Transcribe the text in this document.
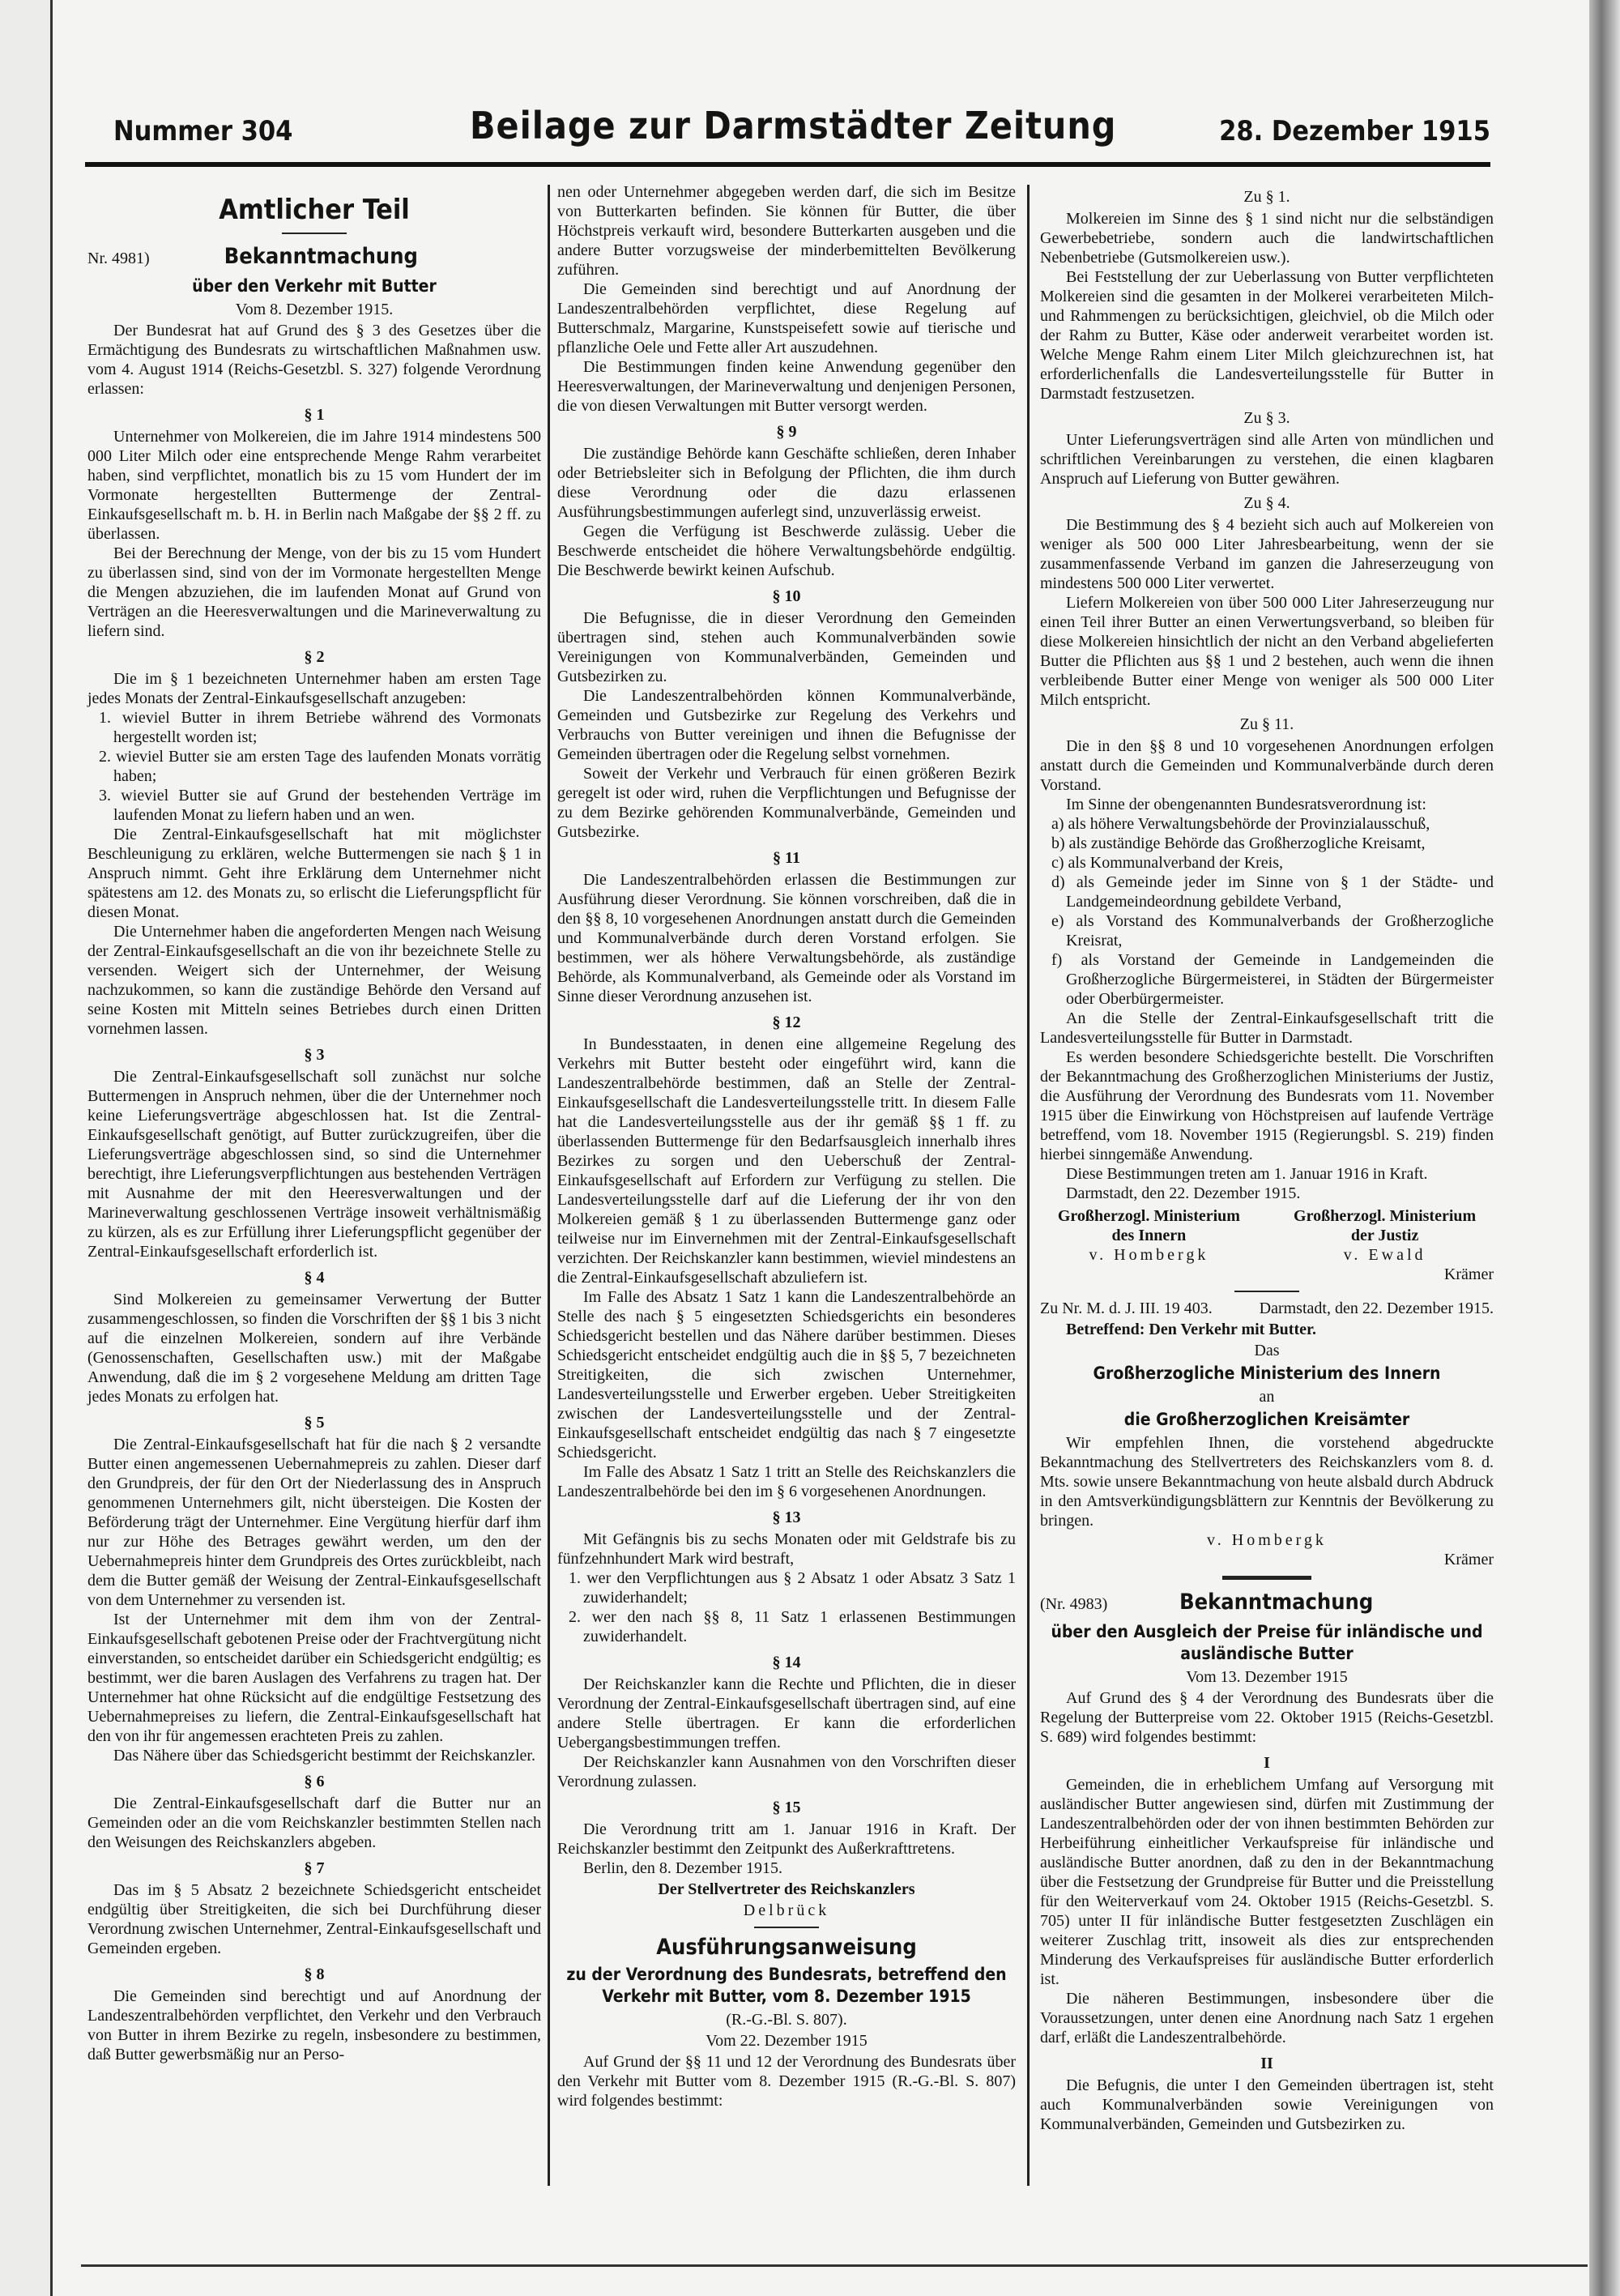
Nummer 304	Beilage zur Darmstädter Zeitung	28. Dezember 1915

Amtlicher Teil

Nr. 4981)	Bekanntmachung

über den Verkehr mit Butter

Vom 8. Dezember 1915.

Der Bundesrat hat auf Grund des § 3 des Gesetzes über die Ermächtigung des Bundesrats zu wirtschaftlichen Maßnahmen usw. vom 4. August 1914 (Reichs-Gesetzbl. S. 327) folgende Verordnung erlassen:

§ 1

Unternehmer von Molkereien, die im Jahre 1914 mindestens 500 000 Liter Milch oder eine entsprechende Menge Rahm verarbeitet haben, sind verpflichtet, monatlich bis zu 15 vom Hundert der im Vormonate hergestellten Buttermenge der Zentral-Einkaufsgesellschaft m. b. H. in Berlin nach Maßgabe der §§ 2 ff. zu überlassen.

Bei der Berechnung der Menge, von der bis zu 15 vom Hundert zu überlassen sind, sind von der im Vormonate hergestellten Menge die Mengen abzuziehen, die im laufenden Monat auf Grund von Verträgen an die Heeresverwaltungen und die Marineverwaltung zu liefern sind.

§ 2

Die im § 1 bezeichneten Unternehmer haben am ersten Tage jedes Monats der Zentral-Einkaufsgesellschaft anzugeben:

1. wieviel Butter in ihrem Betriebe während des Vormonats hergestellt worden ist;

2. wieviel Butter sie am ersten Tage des laufenden Monats vorrätig haben;

3. wieviel Butter sie auf Grund der bestehenden Verträge im laufenden Monat zu liefern haben und an wen.

Die Zentral-Einkaufsgesellschaft hat mit möglichster Beschleunigung zu erklären, welche Buttermengen sie nach § 1 in Anspruch nimmt. Geht ihre Erklärung dem Unternehmer nicht spätestens am 12. des Monats zu, so erlischt die Lieferungspflicht für diesen Monat.

Die Unternehmer haben die angeforderten Mengen nach Weisung der Zentral-Einkaufsgesellschaft an die von ihr bezeichnete Stelle zu versenden. Weigert sich der Unternehmer, der Weisung nachzukommen, so kann die zuständige Behörde den Versand auf seine Kosten mit Mitteln seines Betriebes durch einen Dritten vornehmen lassen.

§ 3

Die Zentral-Einkaufsgesellschaft soll zunächst nur solche Buttermengen in Anspruch nehmen, über die der Unternehmer noch keine Lieferungsverträge abgeschlossen hat. Ist die Zentral-Einkaufsgesellschaft genötigt, auf Butter zurückzugreifen, über die Lieferungsverträge abgeschlossen sind, so sind die Unternehmer berechtigt, ihre Lieferungsverpflichtungen aus bestehenden Verträgen mit Ausnahme der mit den Heeresverwaltungen und der Marineverwaltung geschlossenen Verträge insoweit verhältnismäßig zu kürzen, als es zur Erfüllung ihrer Lieferungspflicht gegenüber der Zentral-Einkaufsgesellschaft erforderlich ist.

§ 4

Sind Molkereien zu gemeinsamer Verwertung der Butter zusammengeschlossen, so finden die Vorschriften der §§ 1 bis 3 nicht auf die einzelnen Molkereien, sondern auf ihre Verbände (Genossenschaften, Gesellschaften usw.) mit der Maßgabe Anwendung, daß die im § 2 vorgesehene Meldung am dritten Tage jedes Monats zu erfolgen hat.

§ 5

Die Zentral-Einkaufsgesellschaft hat für die nach § 2 versandte Butter einen angemessenen Uebernahmepreis zu zahlen. Dieser darf den Grundpreis, der für den Ort der Niederlassung des in Anspruch genommenen Unternehmers gilt, nicht übersteigen. Die Kosten der Beförderung trägt der Unternehmer. Eine Vergütung hierfür darf ihm nur zur Höhe des Betrages gewährt werden, um den der Uebernahmepreis hinter dem Grundpreis des Ortes zurückbleibt, nach dem die Butter gemäß der Weisung der Zentral-Einkaufsgesellschaft von dem Unternehmer zu versenden ist.

Ist der Unternehmer mit dem ihm von der Zentral-Einkaufsgesellschaft gebotenen Preise oder der Frachtvergütung nicht einverstanden, so entscheidet darüber ein Schiedsgericht endgültig; es bestimmt, wer die baren Auslagen des Verfahrens zu tragen hat. Der Unternehmer hat ohne Rücksicht auf die endgültige Festsetzung des Uebernahmepreises zu liefern, die Zentral-Einkaufsgesellschaft hat den von ihr für angemessen erachteten Preis zu zahlen.

Das Nähere über das Schiedsgericht bestimmt der Reichskanzler.

§ 6

Die Zentral-Einkaufsgesellschaft darf die Butter nur an Gemeinden oder an die vom Reichskanzler bestimmten Stellen nach den Weisungen des Reichskanzlers abgeben.

§ 7

Das im § 5 Absatz 2 bezeichnete Schiedsgericht entscheidet endgültig über Streitigkeiten, die sich bei Durchführung dieser Verordnung zwischen Unternehmer, Zentral-Einkaufsgesellschaft und Gemeinden ergeben.

§ 8

Die Gemeinden sind berechtigt und auf Anordnung der Landeszentralbehörden verpflichtet, den Verkehr und den Verbrauch von Butter in ihrem Bezirke zu regeln, insbesondere zu bestimmen, daß Butter gewerbsmäßig nur an Perso-

nen oder Unternehmer abgegeben werden darf, die sich im Besitze von Butterkarten befinden. Sie können für Butter, die über Höchstpreis verkauft wird, besondere Butterkarten ausgeben und die andere Butter vorzugsweise der minderbemittelten Bevölkerung zuführen.

Die Gemeinden sind berechtigt und auf Anordnung der Landeszentralbehörden verpflichtet, diese Regelung auf Butterschmalz, Margarine, Kunstspeisefett sowie auf tierische und pflanzliche Oele und Fette aller Art auszudehnen.

Die Bestimmungen finden keine Anwendung gegenüber den Heeresverwaltungen, der Marineverwaltung und denjenigen Personen, die von diesen Verwaltungen mit Butter versorgt werden.

§ 9

Die zuständige Behörde kann Geschäfte schließen, deren Inhaber oder Betriebsleiter sich in Befolgung der Pflichten, die ihm durch diese Verordnung oder die dazu erlassenen Ausführungsbestimmungen auferlegt sind, unzuverlässig erweist.

Gegen die Verfügung ist Beschwerde zulässig. Ueber die Beschwerde entscheidet die höhere Verwaltungsbehörde endgültig. Die Beschwerde bewirkt keinen Aufschub.

§ 10

Die Befugnisse, die in dieser Verordnung den Gemeinden übertragen sind, stehen auch Kommunalverbänden sowie Vereinigungen von Kommunalverbänden, Gemeinden und Gutsbezirken zu.

Die Landeszentralbehörden können Kommunalverbände, Gemeinden und Gutsbezirke zur Regelung des Verkehrs und Verbrauchs von Butter vereinigen und ihnen die Befugnisse der Gemeinden übertragen oder die Regelung selbst vornehmen.

Soweit der Verkehr und Verbrauch für einen größeren Bezirk geregelt ist oder wird, ruhen die Verpflichtungen und Befugnisse der zu dem Bezirke gehörenden Kommunalverbände, Gemeinden und Gutsbezirke.

§ 11

Die Landeszentralbehörden erlassen die Bestimmungen zur Ausführung dieser Verordnung. Sie können vorschreiben, daß die in den §§ 8, 10 vorgesehenen Anordnungen anstatt durch die Gemeinden und Kommunalverbände durch deren Vorstand erfolgen. Sie bestimmen, wer als höhere Verwaltungsbehörde, als zuständige Behörde, als Kommunalverband, als Gemeinde oder als Vorstand im Sinne dieser Verordnung anzusehen ist.

§ 12

In Bundesstaaten, in denen eine allgemeine Regelung des Verkehrs mit Butter besteht oder eingeführt wird, kann die Landeszentralbehörde bestimmen, daß an Stelle der Zentral-Einkaufsgesellschaft die Landesverteilungsstelle tritt. In diesem Falle hat die Landesverteilungsstelle aus der ihr gemäß §§ 1 ff. zu überlassenden Buttermenge für den Bedarfsausgleich innerhalb ihres Bezirkes zu sorgen und den Ueberschuß der Zentral-Einkaufsgesellschaft auf Erfordern zur Verfügung zu stellen. Die Landesverteilungsstelle darf auf die Lieferung der ihr von den Molkereien gemäß § 1 zu überlassenden Buttermenge ganz oder teilweise nur im Einvernehmen mit der Zentral-Einkaufsgesellschaft verzichten. Der Reichskanzler kann bestimmen, wieviel mindestens an die Zentral-Einkaufsgesellschaft abzuliefern ist.

Im Falle des Absatz 1 Satz 1 kann die Landeszentralbehörde an Stelle des nach § 5 eingesetzten Schiedsgerichts ein besonderes Schiedsgericht bestellen und das Nähere darüber bestimmen. Dieses Schiedsgericht entscheidet endgültig auch die in §§ 5, 7 bezeichneten Streitigkeiten, die sich zwischen Unternehmer, Landesverteilungsstelle und Erwerber ergeben. Ueber Streitigkeiten zwischen der Landesverteilungsstelle und der Zentral-Einkaufsgesellschaft entscheidet endgültig das nach § 7 eingesetzte Schiedsgericht.

Im Falle des Absatz 1 Satz 1 tritt an Stelle des Reichskanzlers die Landeszentralbehörde bei den im § 6 vorgesehenen Anordnungen.

§ 13

Mit Gefängnis bis zu sechs Monaten oder mit Geldstrafe bis zu fünfzehnhundert Mark wird bestraft,

1. wer den Verpflichtungen aus § 2 Absatz 1 oder Absatz 3 Satz 1 zuwiderhandelt;

2. wer den nach §§ 8, 11 Satz 1 erlassenen Bestimmungen zuwiderhandelt.

§ 14

Der Reichskanzler kann die Rechte und Pflichten, die in dieser Verordnung der Zentral-Einkaufsgesellschaft übertragen sind, auf eine andere Stelle übertragen. Er kann die erforderlichen Uebergangsbestimmungen treffen.

Der Reichskanzler kann Ausnahmen von den Vorschriften dieser Verordnung zulassen.

§ 15

Die Verordnung tritt am 1. Januar 1916 in Kraft. Der Reichskanzler bestimmt den Zeitpunkt des Außerkrafttretens.

Berlin, den 8. Dezember 1915.

Der Stellvertreter des Reichskanzlers

Delbrück

Ausführungsanweisung

zu der Verordnung des Bundesrats, betreffend den Verkehr mit Butter, vom 8. Dezember 1915

(R.-G.-Bl. S. 807).

Vom 22. Dezember 1915

Auf Grund der §§ 11 und 12 der Verordnung des Bundesrats über den Verkehr mit Butter vom 8. Dezember 1915 (R.-G.-Bl. S. 807) wird folgendes bestimmt:

Zu § 1.

Molkereien im Sinne des § 1 sind nicht nur die selbständigen Gewerbebetriebe, sondern auch die landwirtschaftlichen Nebenbetriebe (Gutsmolkereien usw.).

Bei Feststellung der zur Ueberlassung von Butter verpflichteten Molkereien sind die gesamten in der Molkerei verarbeiteten Milch- und Rahmmengen zu berücksichtigen, gleichviel, ob die Milch oder der Rahm zu Butter, Käse oder anderweit verarbeitet worden ist. Welche Menge Rahm einem Liter Milch gleichzurechnen ist, hat erforderlichenfalls die Landesverteilungsstelle für Butter in Darmstadt festzusetzen.

Zu § 3.

Unter Lieferungsverträgen sind alle Arten von mündlichen und schriftlichen Vereinbarungen zu verstehen, die einen klagbaren Anspruch auf Lieferung von Butter gewähren.

Zu § 4.

Die Bestimmung des § 4 bezieht sich auch auf Molkereien von weniger als 500 000 Liter Jahresbearbeitung, wenn der sie zusammenfassende Verband im ganzen die Jahreserzeugung von mindestens 500 000 Liter verwertet.

Liefern Molkereien von über 500 000 Liter Jahreserzeugung nur einen Teil ihrer Butter an einen Verwertungsverband, so bleiben für diese Molkereien hinsichtlich der nicht an den Verband abgelieferten Butter die Pflichten aus §§ 1 und 2 bestehen, auch wenn die ihnen verbleibende Butter einer Menge von weniger als 500 000 Liter Milch entspricht.

Zu § 11.

Die in den §§ 8 und 10 vorgesehenen Anordnungen erfolgen anstatt durch die Gemeinden und Kommunalverbände durch deren Vorstand.

Im Sinne der obengenannten Bundesratsverordnung ist:

a) als höhere Verwaltungsbehörde der Provinzialausschuß,

b) als zuständige Behörde das Großherzogliche Kreisamt,

c) als Kommunalverband der Kreis,

d) als Gemeinde jeder im Sinne von § 1 der Städte- und Landgemeindeordnung gebildete Verband,

e) als Vorstand des Kommunalverbands der Großherzogliche Kreisrat,

f) als Vorstand der Gemeinde in Landgemeinden die Großherzogliche Bürgermeisterei, in Städten der Bürgermeister oder Oberbürgermeister.

An die Stelle der Zentral-Einkaufsgesellschaft tritt die Landesverteilungsstelle für Butter in Darmstadt.

Es werden besondere Schiedsgerichte bestellt. Die Vorschriften der Bekanntmachung des Großherzoglichen Ministeriums der Justiz, die Ausführung der Verordnung des Bundesrats vom 11. November 1915 über die Einwirkung von Höchstpreisen auf laufende Verträge betreffend, vom 18. November 1915 (Regierungsbl. S. 219) finden hierbei sinngemäße Anwendung.

Diese Bestimmungen treten am 1. Januar 1916 in Kraft.

Darmstadt, den 22. Dezember 1915.

Großherzogl. Ministerium
des Innern
v. Hombergk
Großherzogl. Ministerium
der Justiz
v. Ewald

Krämer

Zu Nr. M. d. J. III. 19 403.	Darmstadt, den 22. Dezember 1915.

Betreffend: Den Verkehr mit Butter.

Das

Großherzogliche Ministerium des Innern

an

die Großherzoglichen Kreisämter

Wir empfehlen Ihnen, die vorstehend abgedruckte Bekanntmachung des Stellvertreters des Reichskanzlers vom 8. d. Mts. sowie unsere Bekanntmachung von heute alsbald durch Abdruck in den Amtsverkündigungsblättern zur Kenntnis der Bevölkerung zu bringen.

v. Hombergk

Krämer

(Nr. 4983)	Bekanntmachung

über den Ausgleich der Preise für inländische und ausländische Butter

Vom 13. Dezember 1915

Auf Grund des § 4 der Verordnung des Bundesrats über die Regelung der Butterpreise vom 22. Oktober 1915 (Reichs-Gesetzbl. S. 689) wird folgendes bestimmt:

I

Gemeinden, die in erheblichem Umfang auf Versorgung mit ausländischer Butter angewiesen sind, dürfen mit Zustimmung der Landeszentralbehörden oder der von ihnen bestimmten Behörden zur Herbeiführung einheitlicher Verkaufspreise für inländische und ausländische Butter anordnen, daß zu den in der Bekanntmachung über die Festsetzung der Grundpreise für Butter und die Preisstellung für den Weiterverkauf vom 24. Oktober 1915 (Reichs-Gesetzbl. S. 705) unter II für inländische Butter festgesetzten Zuschlägen ein weiterer Zuschlag tritt, insoweit als dies zur entsprechenden Minderung des Verkaufspreises für ausländische Butter erforderlich ist.

Die näheren Bestimmungen, insbesondere über die Voraussetzungen, unter denen eine Anordnung nach Satz 1 ergehen darf, erläßt die Landeszentralbehörde.

II

Die Befugnis, die unter I den Gemeinden übertragen ist, steht auch Kommunalverbänden sowie Vereinigungen von Kommunalverbänden, Gemeinden und Gutsbezirken zu.
